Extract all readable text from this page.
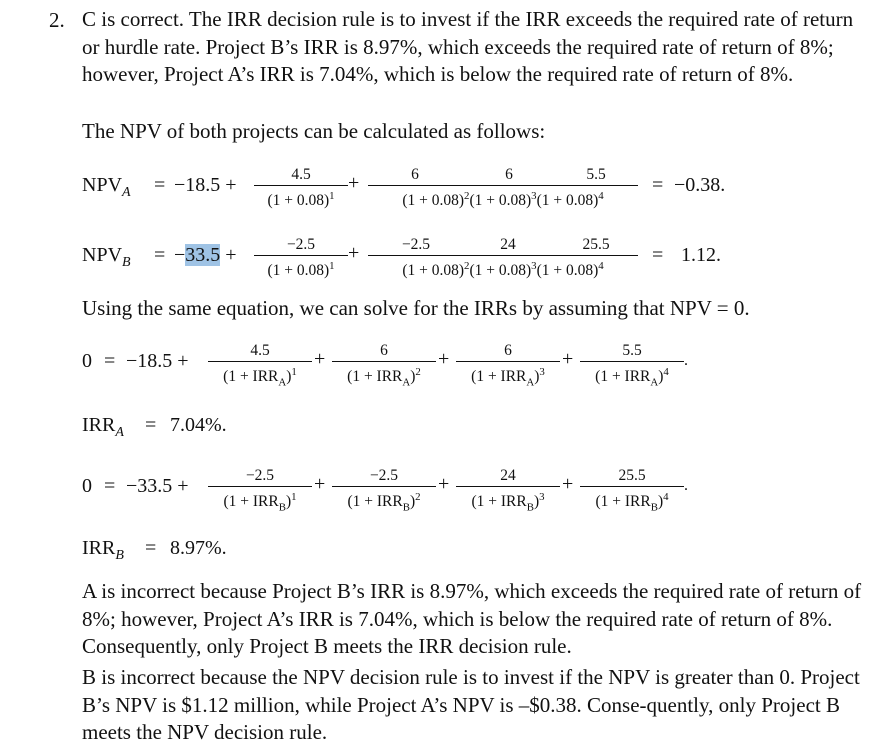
2. C is correct. The IRR decision rule is to invest if the IRR exceeds the required rate of return or hurdle rate. Project B’s IRR is 8.97%, which exceeds the required rate of return of 8%; however, Project A’s IRR is 7.04%, which is below the required rate of return of 8%.
The NPV of both projects can be calculated as follows:
$NPV_A = -18.5$ +	4.5
$(1 + 0.08)^1$
+	6	6	5.5
$(1 + 0.08)^2(1 + 0.08)^3(1 + 0.08)^4$	= −0.38.
$NPV_B = -33.5$ +	−2.5
$(1 + 0.08)^1$
+	−2.5	24	25.5
$(1 + 0.08)^2(1 + 0.08)^3(1 + 0.08)^4$	= 1.12.
Using the same equation, we can solve for the IRRs by assuming that NPV = 0.
0 = −18.5 +	4.5
$(1 + IRR_A)^1$
+	6
$(1 + IRR_A)^2$
+	6
$(1 + IRR_A)^3$
+	5.5
$(1 + IRR_A)^4$
.
$IRR_A = 7.04\%$.
0 = −33.5 +	−2.5
$(1 + IRR_B)^1$
+	−2.5
$(1 + IRR_B)^2$
+	24
$(1 + IRR_B)^3$
+	25.5
$(1 + IRR_B)^4$
.
$IRR_B = 8.97\%$.
A is incorrect because Project B’s IRR is 8.97%, which exceeds the required rate of return of 8%; however, Project A’s IRR is 7.04%, which is below the required rate of return of 8%. Consequently, only Project B meets the IRR decision rule.
B is incorrect because the NPV decision rule is to invest if the NPV is greater than 0. Project B’s NPV is $1.12 million, while Project A’s NPV is –$0.38. Conse-quently, only Project B meets the NPV decision rule.
